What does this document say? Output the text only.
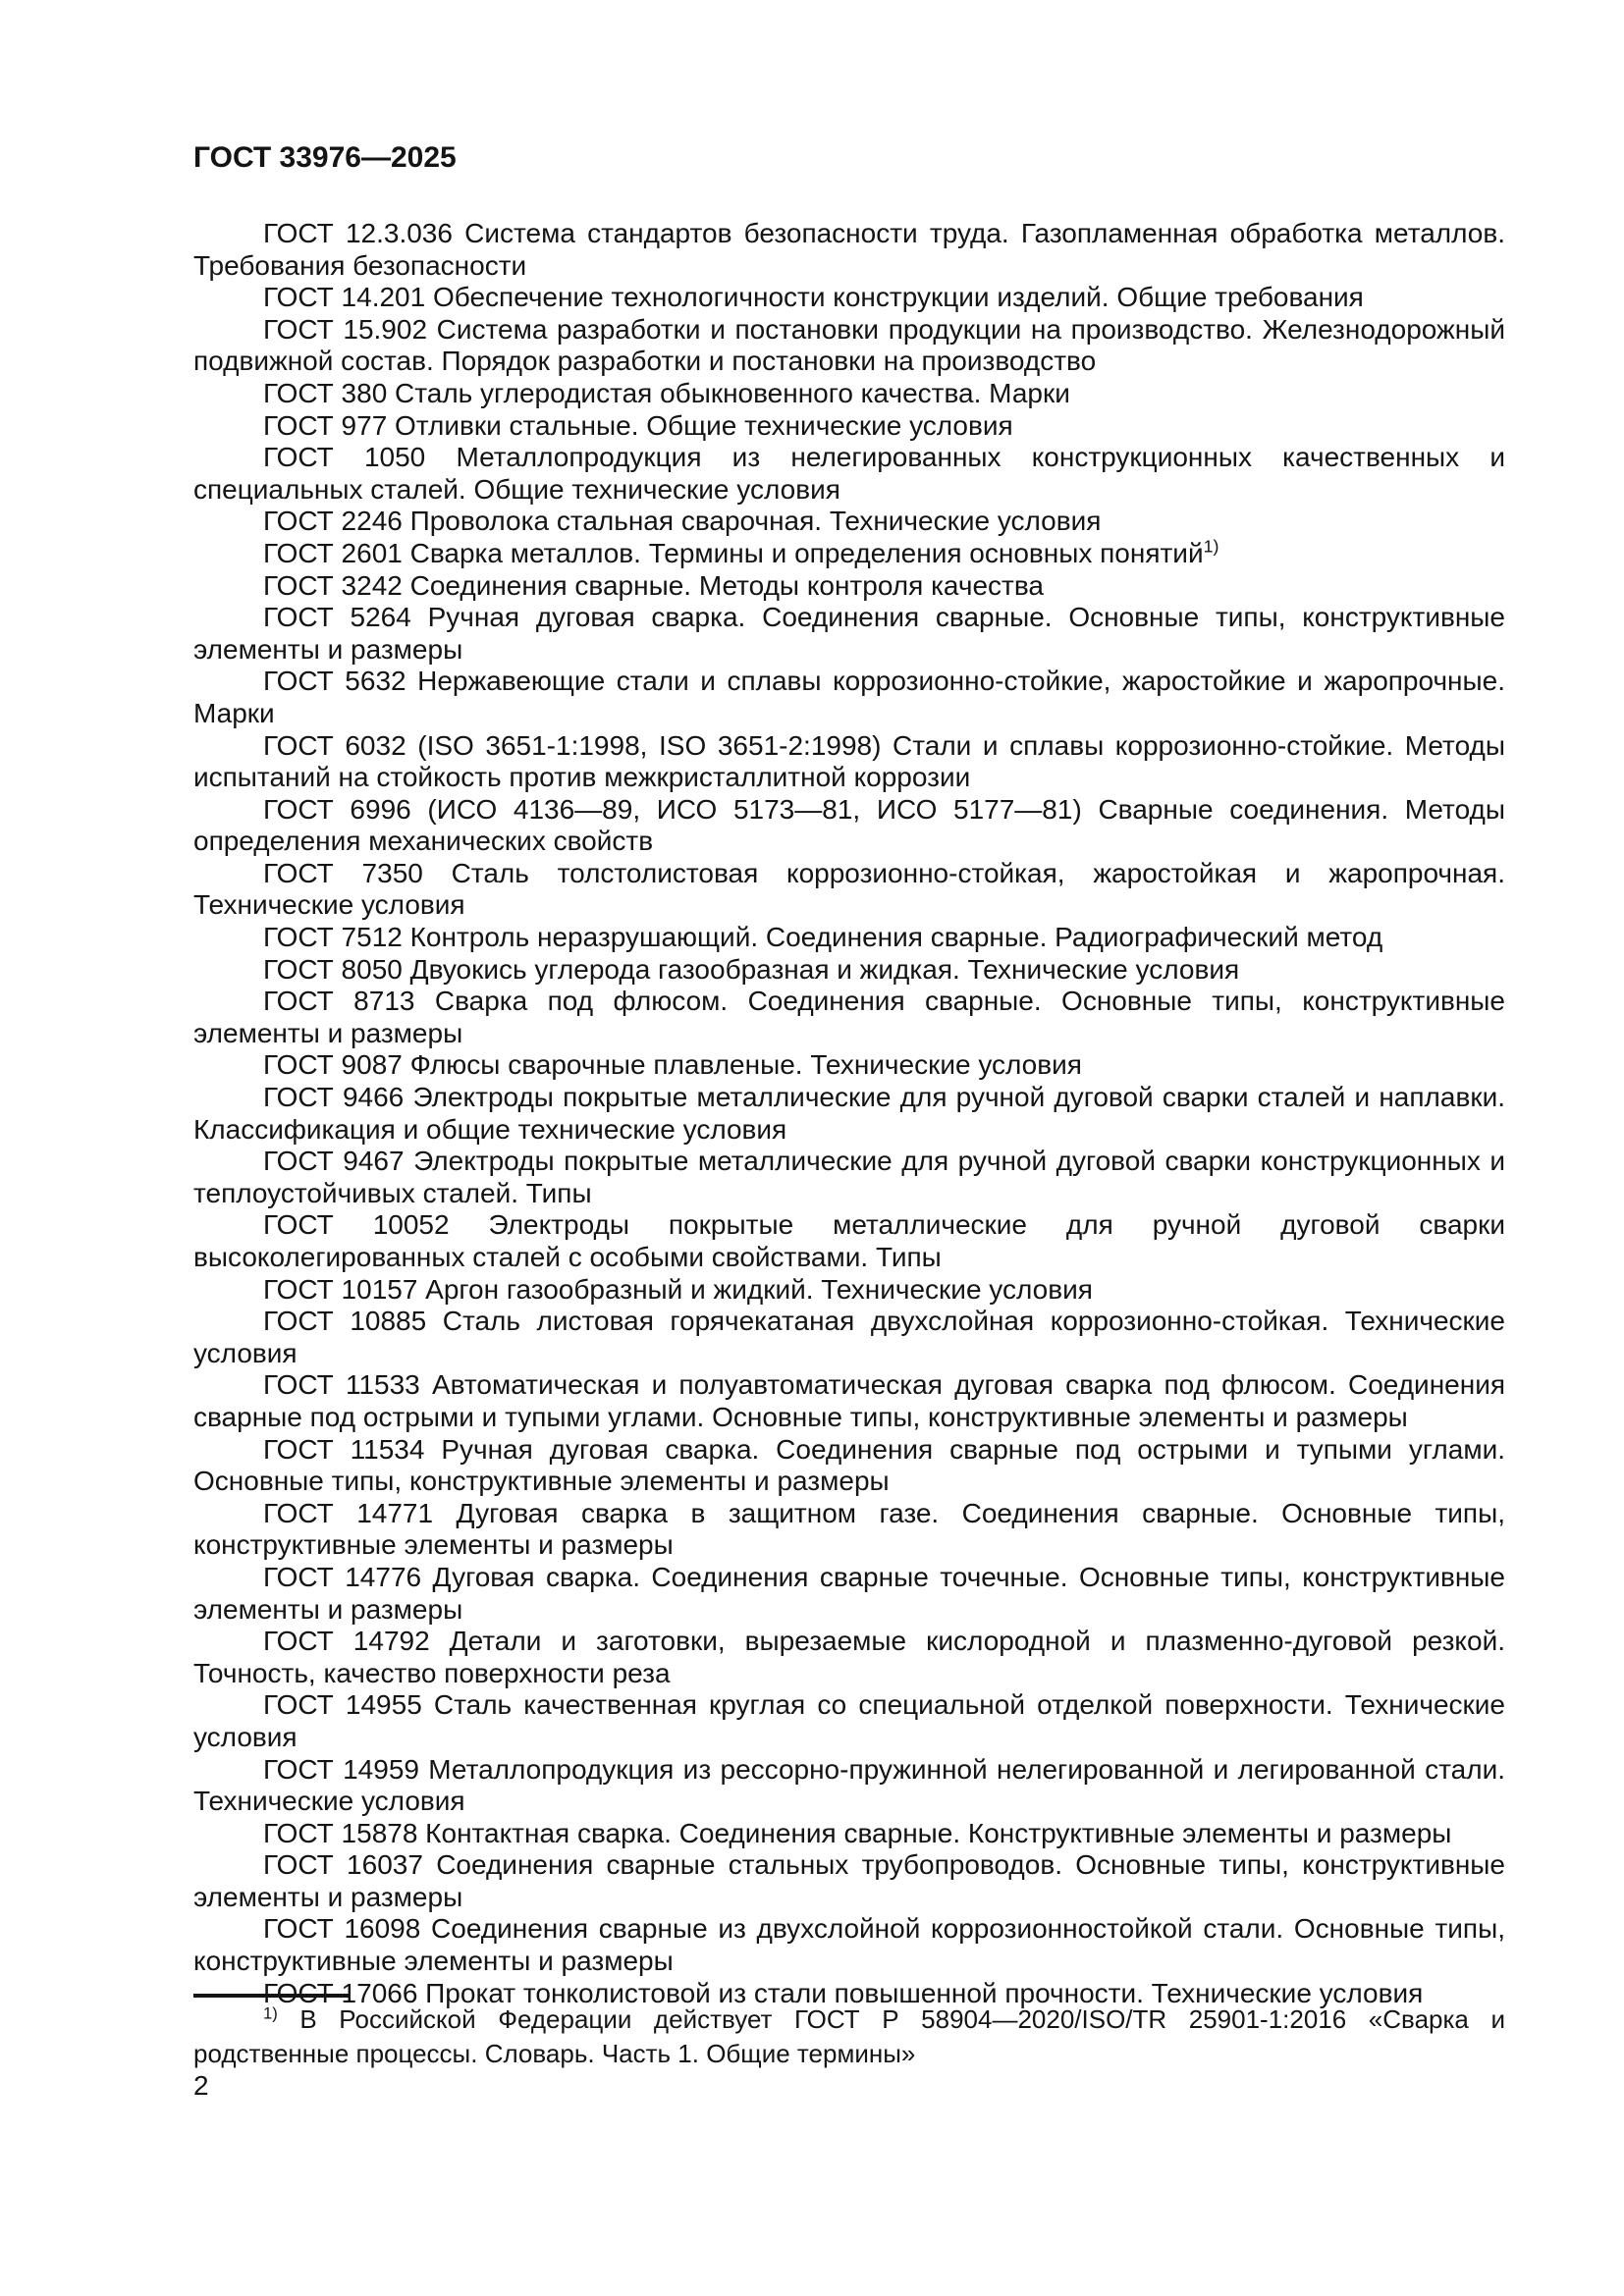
ГОСТ 33976—2025

ГОСТ 12.3.036 Система стандартов безопасности труда. Газопламенная обработка металлов. Требования безопасности

ГОСТ 14.201 Обеспечение технологичности конструкции изделий. Общие требования

ГОСТ 15.902 Система разработки и постановки продукции на производство. Железнодорожный подвижной состав. Порядок разработки и постановки на производство

ГОСТ 380 Сталь углеродистая обыкновенного качества. Марки

ГОСТ 977 Отливки стальные. Общие технические условия

ГОСТ 1050 Металлопродукция из нелегированных конструкционных качественных и специальных сталей. Общие технические условия

ГОСТ 2246 Проволока стальная сварочная. Технические условия

ГОСТ 2601 Сварка металлов. Термины и определения основных понятий$^{1)}$

ГОСТ 3242 Соединения сварные. Методы контроля качества

ГОСТ 5264 Ручная дуговая сварка. Соединения сварные. Основные типы, конструктивные элементы и размеры

ГОСТ 5632 Нержавеющие стали и сплавы коррозионно-стойкие, жаростойкие и жаропрочные. Марки

ГОСТ 6032 (ISO 3651-1:1998, ISO 3651-2:1998) Стали и сплавы коррозионно-стойкие. Методы испытаний на стойкость против межкристаллитной коррозии

ГОСТ 6996 (ИСО 4136—89, ИСО 5173—81, ИСО 5177—81) Сварные соединения. Методы определения механических свойств

ГОСТ 7350 Сталь толстолистовая коррозионно-стойкая, жаростойкая и жаропрочная. Технические условия

ГОСТ 7512 Контроль неразрушающий. Соединения сварные. Радиографический метод

ГОСТ 8050 Двуокись углерода газообразная и жидкая. Технические условия

ГОСТ 8713 Сварка под флюсом. Соединения сварные. Основные типы, конструктивные элементы и размеры

ГОСТ 9087 Флюсы сварочные плавленые. Технические условия

ГОСТ 9466 Электроды покрытые металлические для ручной дуговой сварки сталей и наплавки. Классификация и общие технические условия

ГОСТ 9467 Электроды покрытые металлические для ручной дуговой сварки конструкционных и теплоустойчивых сталей. Типы

ГОСТ 10052 Электроды покрытые металлические для ручной дуговой сварки высоколегированных сталей с особыми свойствами. Типы

ГОСТ 10157 Аргон газообразный и жидкий. Технические условия

ГОСТ 10885 Сталь листовая горячекатаная двухслойная коррозионно-стойкая. Технические условия

ГОСТ 11533 Автоматическая и полуавтоматическая дуговая сварка под флюсом. Соединения сварные под острыми и тупыми углами. Основные типы, конструктивные элементы и размеры

ГОСТ 11534 Ручная дуговая сварка. Соединения сварные под острыми и тупыми углами. Основные типы, конструктивные элементы и размеры

ГОСТ 14771 Дуговая сварка в защитном газе. Соединения сварные. Основные типы, конструктивные элементы и размеры

ГОСТ 14776 Дуговая сварка. Соединения сварные точечные. Основные типы, конструктивные элементы и размеры

ГОСТ 14792 Детали и заготовки, вырезаемые кислородной и плазменно-дуговой резкой. Точность, качество поверхности реза

ГОСТ 14955 Сталь качественная круглая со специальной отделкой поверхности. Технические условия

ГОСТ 14959 Металлопродукция из рессорно-пружинной нелегированной и легированной стали. Технические условия

ГОСТ 15878 Контактная сварка. Соединения сварные. Конструктивные элементы и размеры

ГОСТ 16037 Соединения сварные стальных трубопроводов. Основные типы, конструктивные элементы и размеры

ГОСТ 16098 Соединения сварные из двухслойной коррозионностойкой стали. Основные типы, конструктивные элементы и размеры

ГОСТ 17066 Прокат тонколистовой из стали повышенной прочности. Технические условия

$^{1)}$ В Российской Федерации действует ГОСТ Р 58904—2020/ISO/TR 25901-1:2016 «Сварка и родственные процессы. Словарь. Часть 1. Общие термины»

2
